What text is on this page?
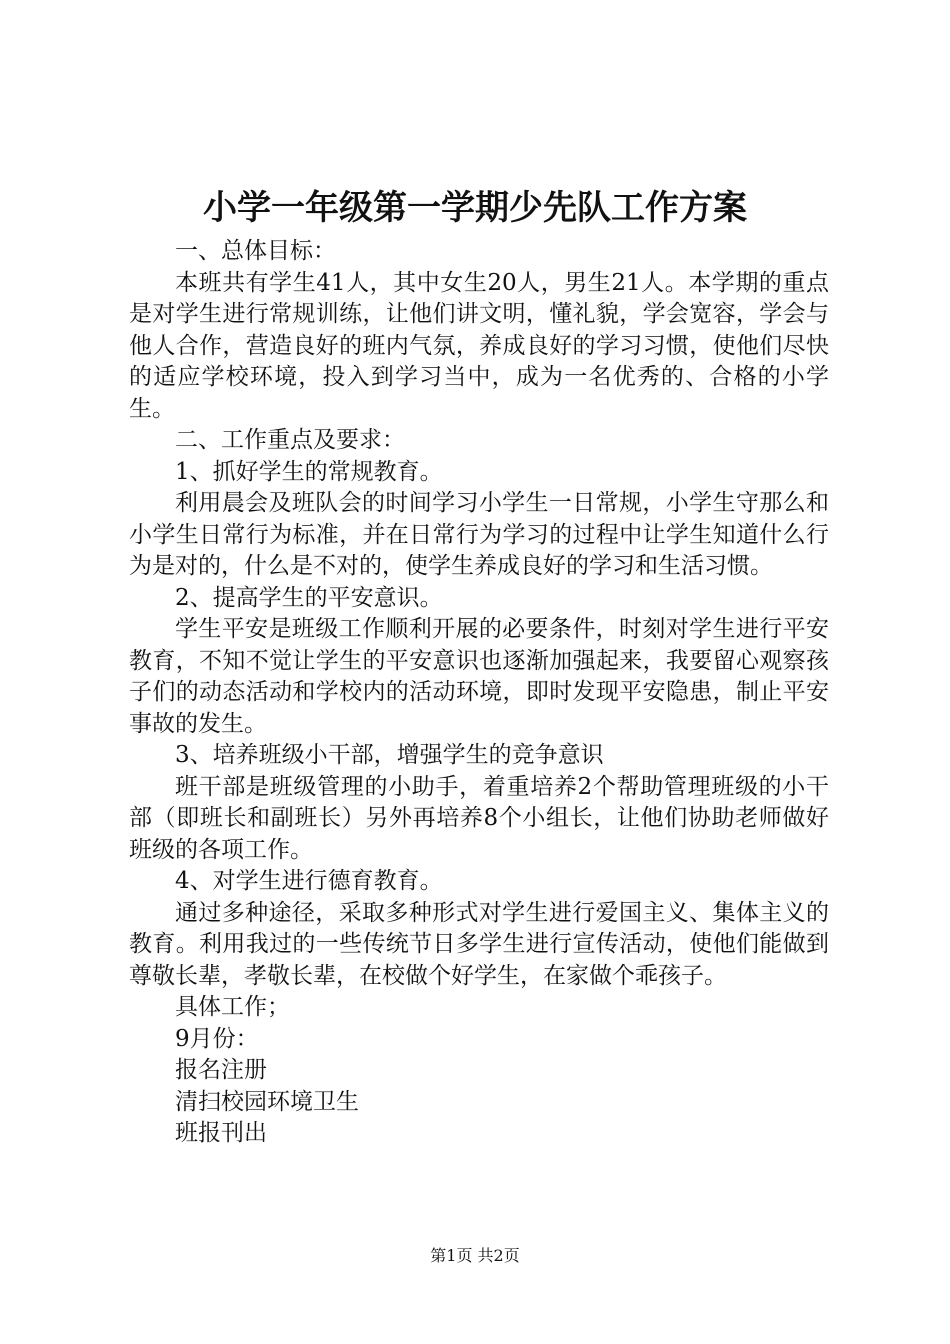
小学一年级第一学期少先队工作方案

一、总体目标：

本班共有学生41人，其中女生20人，男生21人。本学期的重点是对学生进行常规训练，让他们讲文明，懂礼貌，学会宽容，学会与他人合作，营造良好的班内气氛，养成良好的学习习惯，使他们尽快的适应学校环境，投入到学习当中，成为一名优秀的、合格的小学生。

二、工作重点及要求：

1、抓好学生的常规教育。

利用晨会及班队会的时间学习小学生一日常规，小学生守那么和小学生日常行为标准，并在日常行为学习的过程中让学生知道什么行为是对的，什么是不对的，使学生养成良好的学习和生活习惯。

2、提高学生的平安意识。

学生平安是班级工作顺利开展的必要条件，时刻对学生进行平安教育，不知不觉让学生的平安意识也逐渐加强起来，我要留心观察孩子们的动态活动和学校内的活动环境，即时发现平安隐患，制止平安事故的发生。

3、培养班级小干部，增强学生的竞争意识

班干部是班级管理的小助手，着重培养2个帮助管理班级的小干部（即班长和副班长）另外再培养8个小组长，让他们协助老师做好班级的各项工作。

4、对学生进行德育教育。

通过多种途径，采取多种形式对学生进行爱国主义、集体主义的教育。利用我过的一些传统节日多学生进行宣传活动，使他们能做到尊敬长辈，孝敬长辈，在校做个好学生，在家做个乖孩子。

具体工作；

9月份：

报名注册

清扫校园环境卫生

班报刊出

第1页 共2页
